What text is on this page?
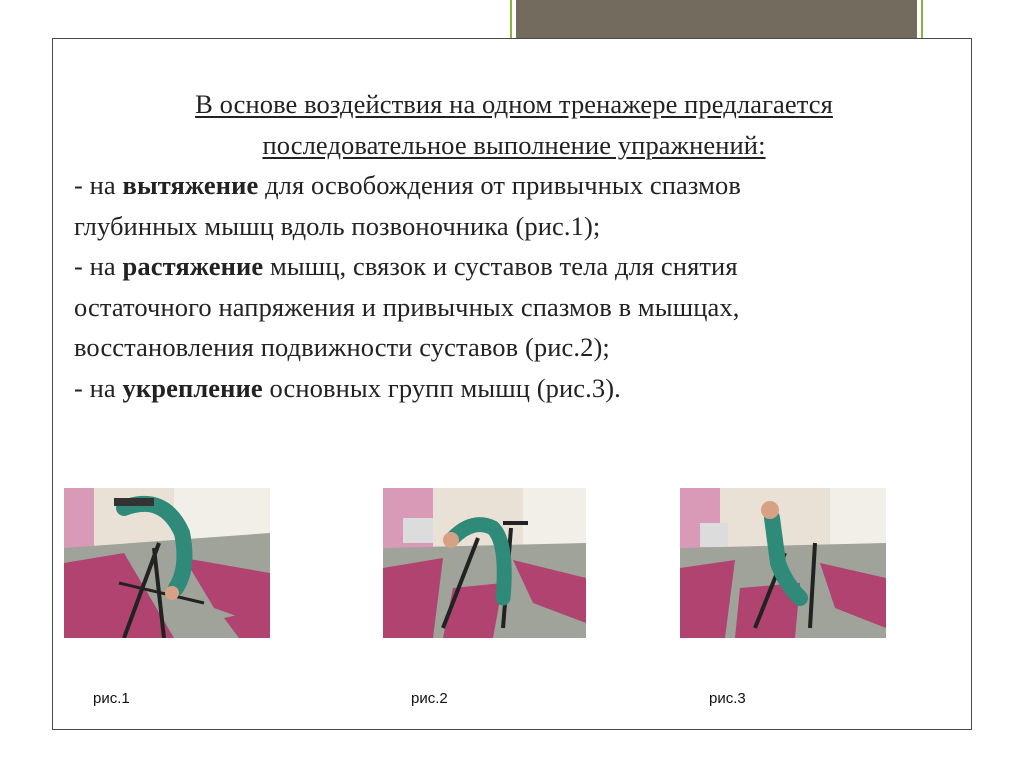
В основе воздействия на одном тренажере предлагается
последовательное выполнение упражнений:
- на вытяжение для освобождения от привычных спазмов
глубинных мышц вдоль позвоночника (рис.1);
- на растяжение мышц, связок и суставов тела для снятия
остаточного напряжения и привычных спазмов в мышцах,
восстановления подвижности суставов (рис.2);
- на укрепление основных групп мышц (рис.3).
рис.1	рис.2	рис.3
